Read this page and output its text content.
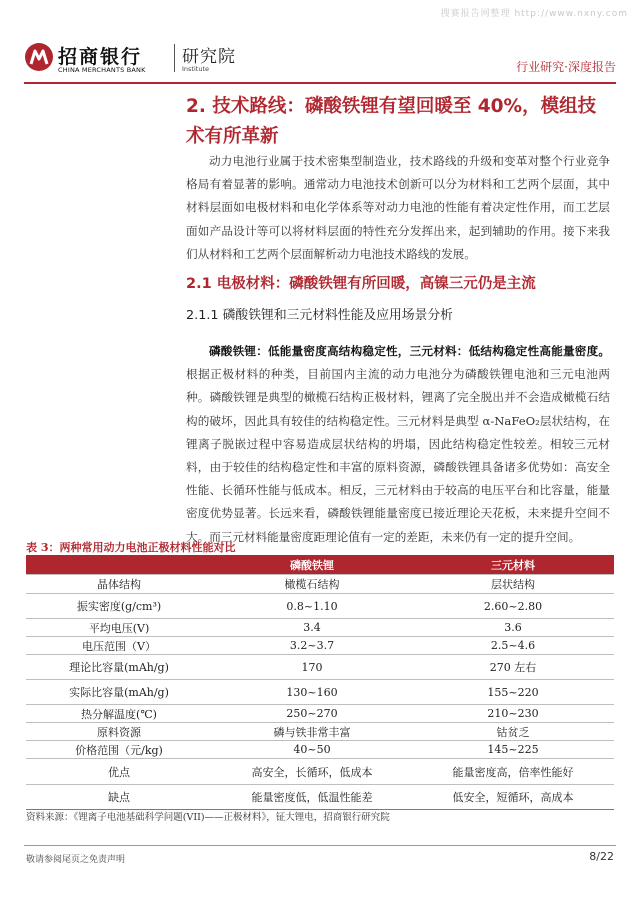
搜赛报告网整理 http://www.nxny.com
招商银行
CHINA MERCHANTS BANK
研究院
Institute	行业研究·深度报告
2. 技术路线：磷酸铁锂有望回暖至 40%，模组技术有所革新

动力电池行业属于技术密集型制造业，技术路线的升级和变革对整个行业竞争格局有着显著的影响。通常动力电池技术创新可以分为材料和工艺两个层面，其中材料层面如电极材料和电化学体系等对动力电池的性能有着决定性作用，而工艺层面如产品设计等可以将材料层面的特性充分发挥出来，起到辅助的作用。接下来我们从材料和工艺两个层面解析动力电池技术路线的发展。

2.1 电极材料：磷酸铁锂有所回暖，高镍三元仍是主流
2.1.1 磷酸铁锂和三元材料性能及应用场景分析

磷酸铁锂：低能量密度高结构稳定性，三元材料：低结构稳定性高能量密度。根据正极材料的种类，目前国内主流的动力电池分为磷酸铁锂电池和三元电池两种。磷酸铁锂是典型的橄榄石结构正极材料，锂离了完全脱出并不会造成橄榄石结构的破坏，因此具有较佳的结构稳定性。三元材料是典型 α-NaFeO₂层状结构，在锂离子脱嵌过程中容易造成层状结构的坍塌，因此结构稳定性较差。相较三元材料，由于较佳的结构稳定性和丰富的原料资源，磷酸铁锂具备诸多优势如：高安全性能、长循环性能与低成本。相反，三元材料由于较高的电压平台和比容量，能量密度优势显著。长远来看，磷酸铁锂能量密度已接近理论天花板，未来提升空间不大。而三元材料能量密度距理论值有一定的差距，未来仍有一定的提升空间。

表 3：两种常用动力电池正极材料性能对比
	磷酸铁锂	三元材料
晶体结构	橄榄石结构	层状结构
振实密度(g/cm³)	0.8~1.10	2.60~2.80
平均电压(V)	3.4	3.6
电压范围（V）	3.2~3.7	2.5~4.6
理论比容量(mAh/g)	170	270 左右
实际比容量(mAh/g)	130~160	155~220
热分解温度(℃)	250~270	210~230
原料资源	磷与铁非常丰富	钴贫乏
价格范围（元/kg)	40~50	145~225
优点	高安全，长循环，低成本	能量密度高，倍率性能好
缺点	能量密度低，低温性能差	低安全，短循环，高成本
资料来源：《锂离子电池基础科学问题(VII)——正极材料》，钲大锂电，招商银行研究院
敬请参阅尾页之免责声明	8/22
